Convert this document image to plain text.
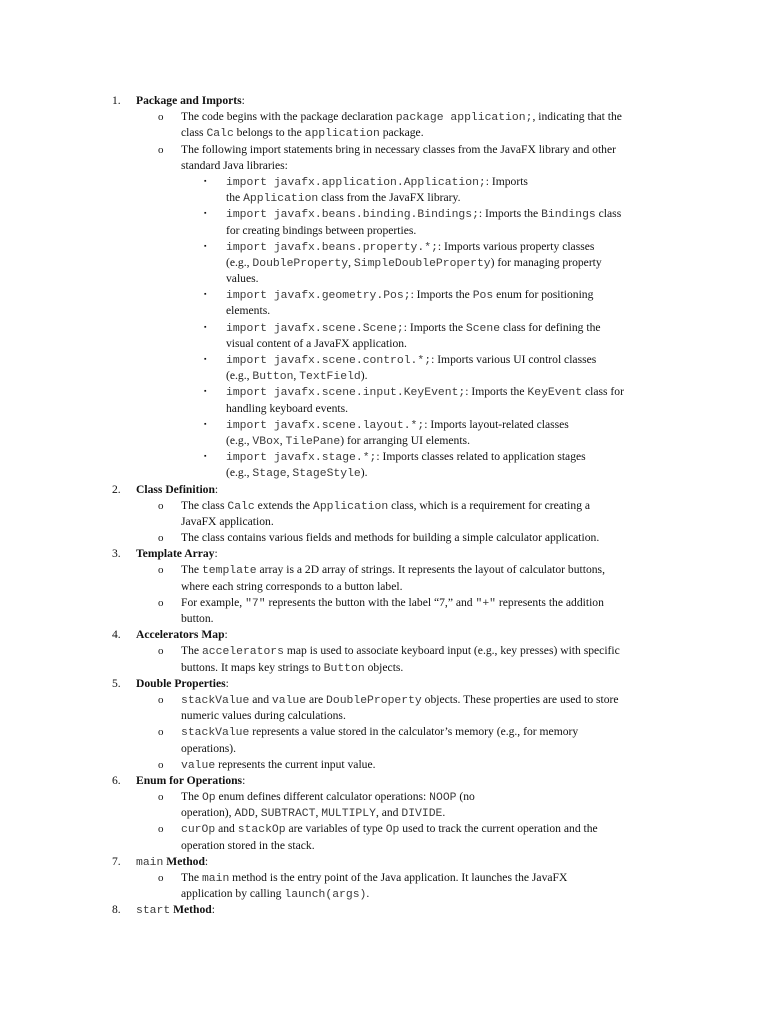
1. Package and Imports:
o The code begins with the package declaration package application;, indicating that the
class Calc belongs to the application package.
o The following import statements bring in necessary classes from the JavaFX library and other
standard Java libraries:
▪ import javafx.application.Application;: Imports
the Application class from the JavaFX library.
▪ import javafx.beans.binding.Bindings;: Imports the Bindings class
for creating bindings between properties.
▪ import javafx.beans.property.*;: Imports various property classes
(e.g., DoubleProperty, SimpleDoubleProperty) for managing property
values.
▪ import javafx.geometry.Pos;: Imports the Pos enum for positioning
elements.
▪ import javafx.scene.Scene;: Imports the Scene class for defining the
visual content of a JavaFX application.
▪ import javafx.scene.control.*;: Imports various UI control classes
(e.g., Button, TextField).
▪ import javafx.scene.input.KeyEvent;: Imports the KeyEvent class for
handling keyboard events.
▪ import javafx.scene.layout.*;: Imports layout-related classes
(e.g., VBox, TilePane) for arranging UI elements.
▪ import javafx.stage.*;: Imports classes related to application stages
(e.g., Stage, StageStyle).
2. Class Definition:
o The class Calc extends the Application class, which is a requirement for creating a
JavaFX application.
o The class contains various fields and methods for building a simple calculator application.
3. Template Array:
o The template array is a 2D array of strings. It represents the layout of calculator buttons,
where each string corresponds to a button label.
o For example, "7" represents the button with the label “7,” and "+" represents the addition
button.
4. Accelerators Map:
o The accelerators map is used to associate keyboard input (e.g., key presses) with specific
buttons. It maps key strings to Button objects.
5. Double Properties:
o stackValue and value are DoubleProperty objects. These properties are used to store
numeric values during calculations.
o stackValue represents a value stored in the calculator’s memory (e.g., for memory
operations).
o value represents the current input value.
6. Enum for Operations:
o The Op enum defines different calculator operations: NOOP (no
operation), ADD, SUBTRACT, MULTIPLY, and DIVIDE.
o curOp and stackOp are variables of type Op used to track the current operation and the
operation stored in the stack.
7. main Method:
o The main method is the entry point of the Java application. It launches the JavaFX
application by calling launch(args).
8. start Method:
